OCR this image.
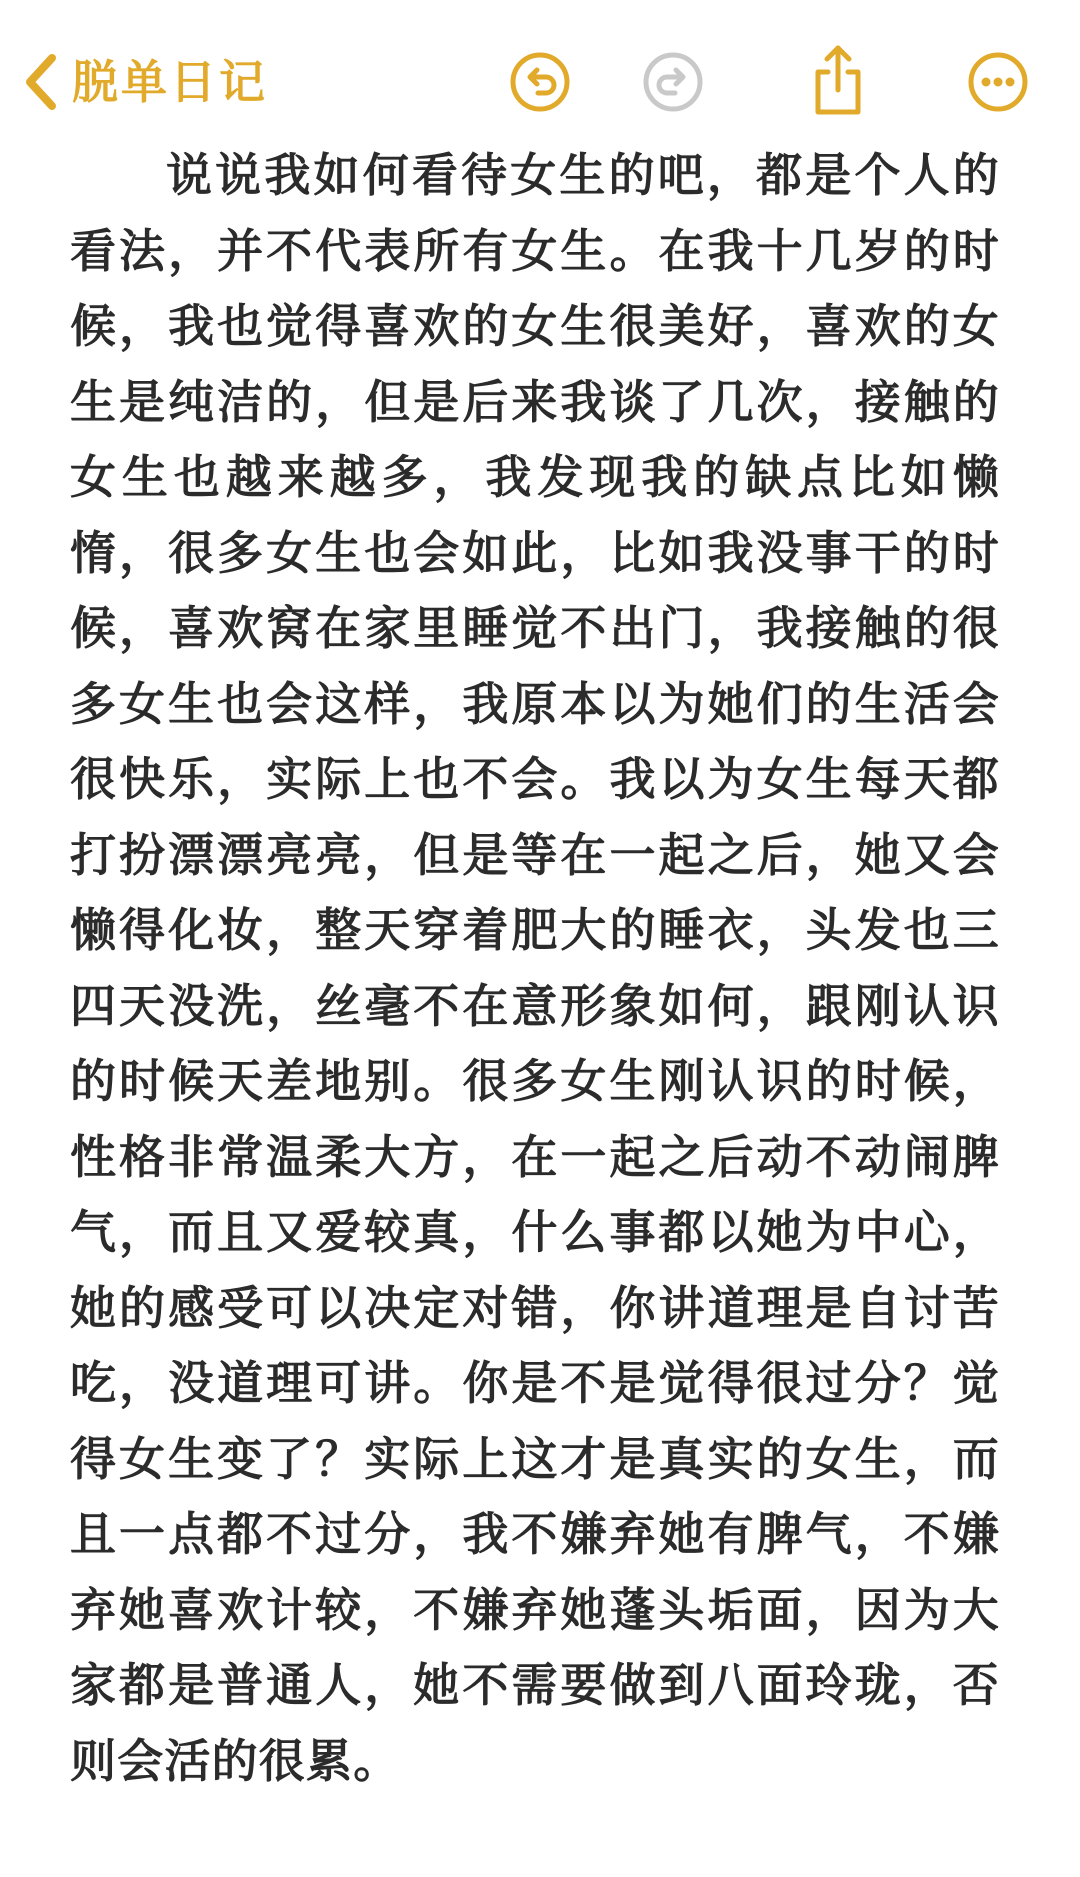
脱单日记

说说我如何看待女生的吧，都是个人的看法，并不代表所有女生。在我十几岁的时候，我也觉得喜欢的女生很美好，喜欢的女生是纯洁的，但是后来我谈了几次，接触的女生也越来越多，我发现我的缺点比如懒惰，很多女生也会如此，比如我没事干的时候，喜欢窝在家里睡觉不出门，我接触的很多女生也会这样，我原本以为她们的生活会很快乐，实际上也不会。我以为女生每天都打扮漂漂亮亮，但是等在一起之后，她又会懒得化妆，整天穿着肥大的睡衣，头发也三四天没洗，丝毫不在意形象如何，跟刚认识的时候天差地别。很多女生刚认识的时候，性格非常温柔大方，在一起之后动不动闹脾气，而且又爱较真，什么事都以她为中心，她的感受可以决定对错，你讲道理是自讨苦吃，没道理可讲。你是不是觉得很过分？觉得女生变了？实际上这才是真实的女生，而且一点都不过分，我不嫌弃她有脾气，不嫌弃她喜欢计较，不嫌弃她蓬头垢面，因为大家都是普通人，她不需要做到八面玲珑，否则会活的很累。
